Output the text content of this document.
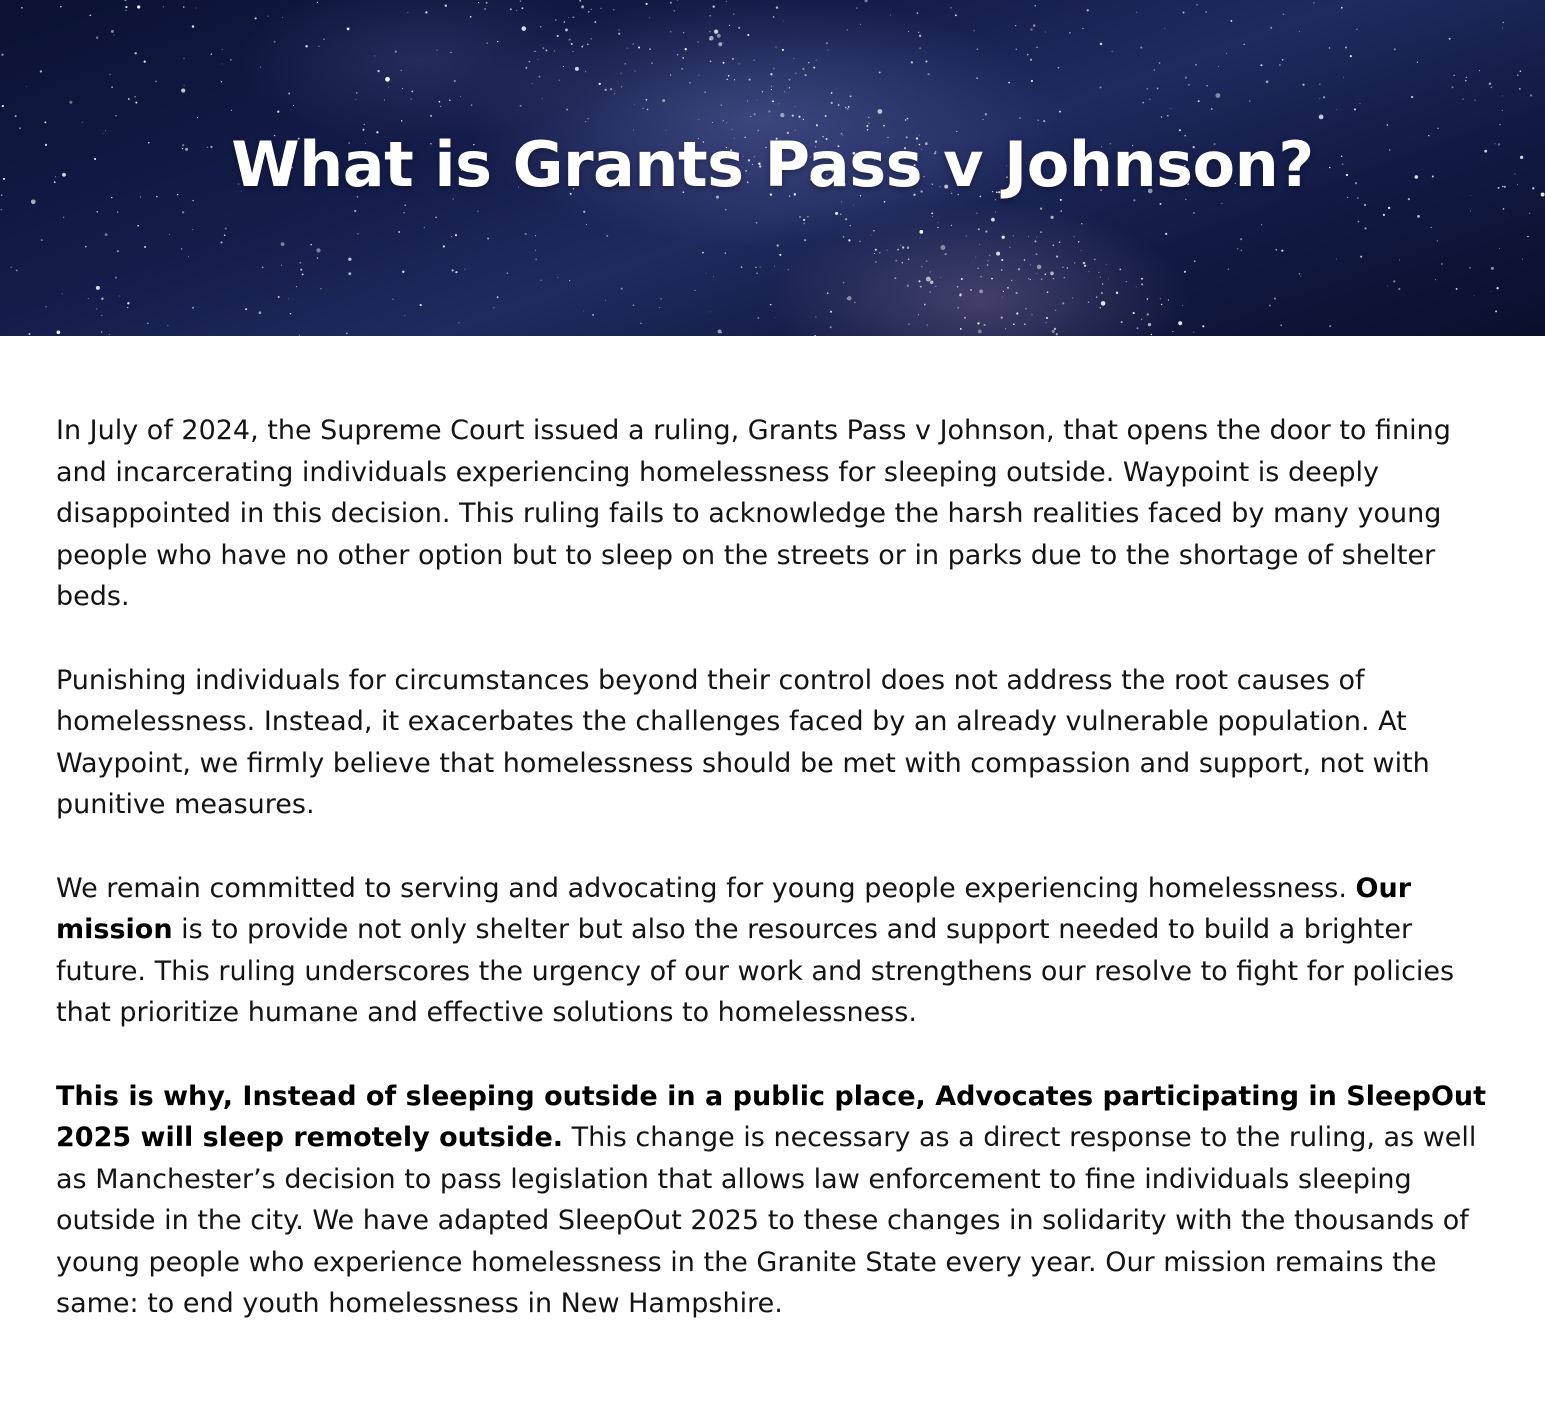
What is Grants Pass v Johnson?

In July of 2024, the Supreme Court issued a ruling, Grants Pass v Johnson, that opens the door to fining and incarcerating individuals experiencing homelessness for sleeping outside. Waypoint is deeply disappointed in this decision. This ruling fails to acknowledge the harsh realities faced by many young people who have no other option but to sleep on the streets or in parks due to the shortage of shelter beds.

Punishing individuals for circumstances beyond their control does not address the root causes of homelessness. Instead, it exacerbates the challenges faced by an already vulnerable population. At Waypoint, we firmly believe that homelessness should be met with compassion and support, not with punitive measures.

We remain committed to serving and advocating for young people experiencing homelessness. Our mission is to provide not only shelter but also the resources and support needed to build a brighter future. This ruling underscores the urgency of our work and strengthens our resolve to fight for policies that prioritize humane and effective solutions to homelessness.

This is why, Instead of sleeping outside in a public place, Advocates participating in SleepOut 2025 will sleep remotely outside. This change is necessary as a direct response to the ruling, as well as Manchester’s decision to pass legislation that allows law enforcement to fine individuals sleeping outside in the city. We have adapted SleepOut 2025 to these changes in solidarity with the thousands of young people who experience homelessness in the Granite State every year. Our mission remains the same: to end youth homelessness in New Hampshire.
